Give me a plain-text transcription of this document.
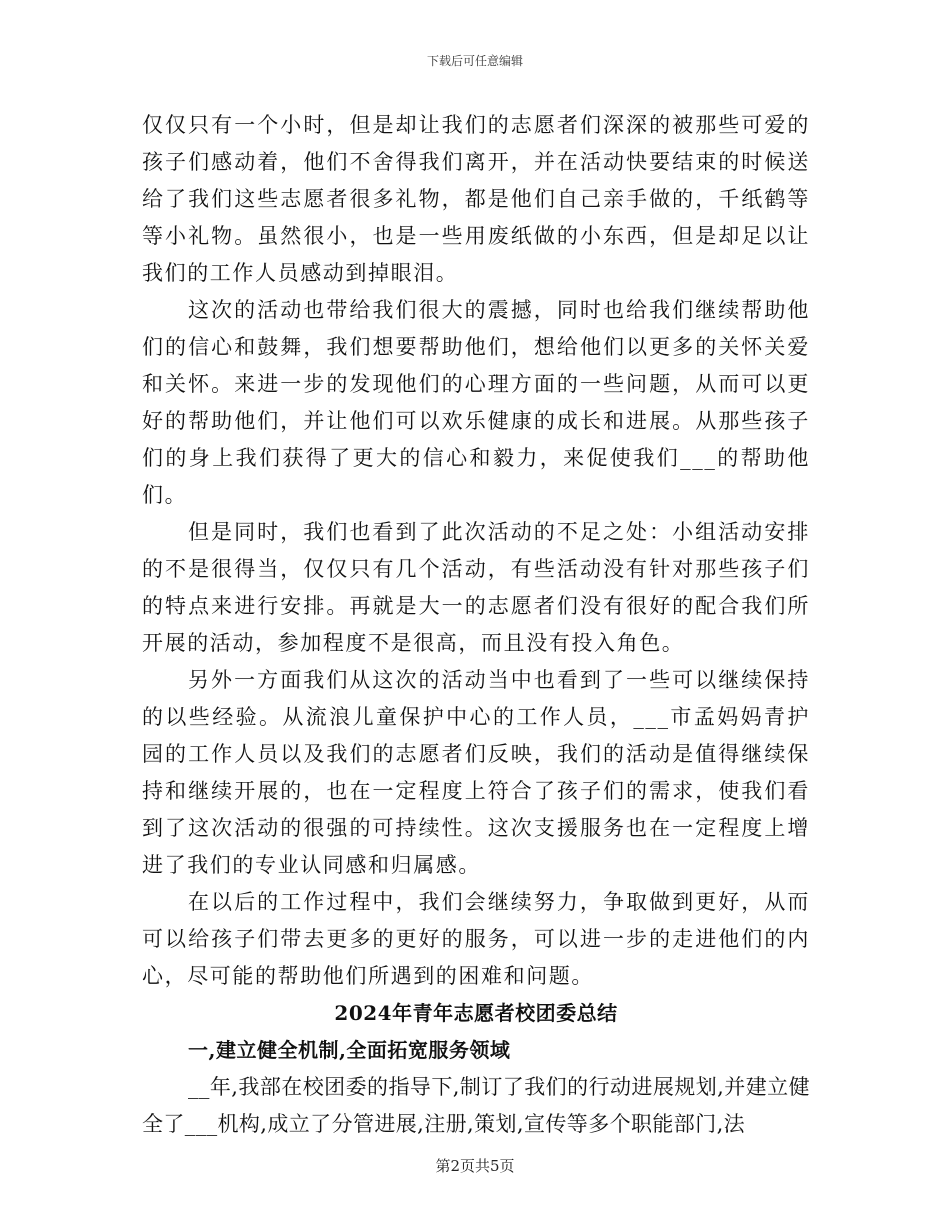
下载后可任意编辑

仅仅只有一个小时，但是却让我们的志愿者们深深的被那些可爱的孩子们感动着，他们不舍得我们离开，并在活动快要结束的时候送给了我们这些志愿者很多礼物，都是他们自己亲手做的，千纸鹤等等小礼物。虽然很小，也是一些用废纸做的小东西，但是却足以让我们的工作人员感动到掉眼泪。

这次的活动也带给我们很大的震撼，同时也给我们继续帮助他们的信心和鼓舞，我们想要帮助他们，想给他们以更多的关怀关爱和关怀。来进一步的发现他们的心理方面的一些问题，从而可以更好的帮助他们，并让他们可以欢乐健康的成长和进展。从那些孩子们的身上我们获得了更大的信心和毅力，来促使我们___的帮助他们。

但是同时，我们也看到了此次活动的不足之处：小组活动安排的不是很得当，仅仅只有几个活动，有些活动没有针对那些孩子们的特点来进行安排。再就是大一的志愿者们没有很好的配合我们所开展的活动，参加程度不是很高，而且没有投入角色。

另外一方面我们从这次的活动当中也看到了一些可以继续保持的以些经验。从流浪儿童保护中心的工作人员，___市孟妈妈青护园的工作人员以及我们的志愿者们反映，我们的活动是值得继续保持和继续开展的，也在一定程度上符合了孩子们的需求，使我们看到了这次活动的很强的可持续性。这次支援服务也在一定程度上增进了我们的专业认同感和归属感。

在以后的工作过程中，我们会继续努力，争取做到更好，从而可以给孩子们带去更多的更好的服务，可以进一步的走进他们的内心，尽可能的帮助他们所遇到的困难和问题。

2024年青年志愿者校团委总结
一,建立健全机制,全面拓宽服务领域

__年,我部在校团委的指导下,制订了我们的行动进展规划,并建立健全了___机构,成立了分管进展,注册,策划,宣传等多个职能部门,法

第2页共5页
